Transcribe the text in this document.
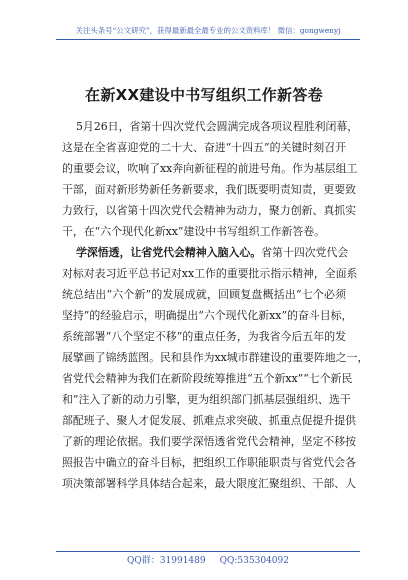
关注头条号“公文研究”，获得最新最全最专业的公文资料库！ 微信：gongwenyj
在新XX建设中书写组织工作新答卷
5月26日，省第十四次党代会圆满完成各项议程胜利闭幕，
这是在全省喜迎党的二十大、奋进“十四五”的关键时刻召开
的重要会议，吹响了xx奔向新征程的前进号角。作为基层组工
干部，面对新形势新任务新要求，我们既要明责知责，更要致
力致行，以省第十四次党代会精神为动力，聚力创新、真抓实
干，在“六个现代化新xx”建设中书写组织工作新答卷。
学深悟透，让省党代会精神入脑入心。省第十四次党代会
对标对表习近平总书记对xx工作的重要批示指示精神，全面系
统总结出“六个新”的发展成就，回顾复盘概括出“七个必须
坚持”的经验启示，明确提出“六个现代化新xx”的奋斗目标，
系统部署“八个坚定不移”的重点任务，为我省今后五年的发
展擘画了锦绣蓝图。民和县作为xx城市群建设的重要阵地之一，
省党代会精神为我们在新阶段统筹推进“五个新xx”“七个新民
和”注入了新的动力引擎，更为组织部门抓基层强组织、选干
部配班子、聚人才促发展、抓难点求突破、抓重点促提升提供
了新的理论依据。我们要学深悟透省党代会精神，坚定不移按
照报告中确立的奋斗目标，把组织工作职能职责与省党代会各
项决策部署科学具体结合起来，最大限度汇聚组织、干部、人
QQ群：31991489 QQ:535304092
